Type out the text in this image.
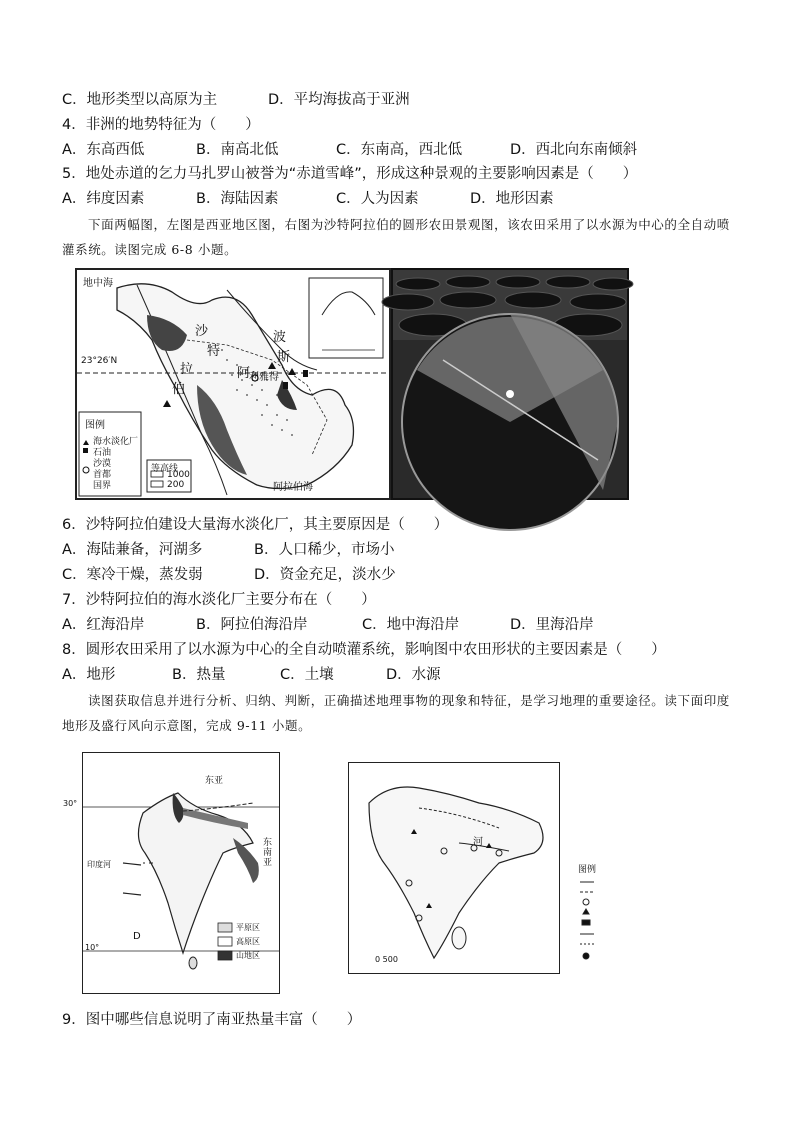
C．地形类型以高原为主	D．平均海拔高于亚洲
4．非洲的地势特征为（　　）
A．东高西低	B．南高北低	C．东南高，西北低	D．西北向东南倾斜
5．地处赤道的乞力马扎罗山被誉为“赤道雪峰”，形成这种景观的主要影响因素是（　　）
A．纬度因素	B．海陆因素	C．人为因素	D．地形因素
下面两幅图，左图是西亚地区图，右图为沙特阿拉伯的圆形农田景观图，该农田采用了以水源为中心的全自动喷灌系统。读图完成 6-8 小题。
地中海
23°26′N
沙
特
拉
伯
阿
波
斯
利雅得
阿拉伯海
图例
海水淡化厂
石油
沙漠
首都
国界
等高线
1000
200
6．沙特阿拉伯建设大量海水淡化厂，其主要原因是（　　）
A．海陆兼备，河湖多	B．人口稀少，市场小
C．寒冷干燥，蒸发弱	D．资金充足，淡水少
7．沙特阿拉伯的海水淡化厂主要分布在（　　）
A．红海沿岸	B．阿拉伯海沿岸	C．地中海沿岸	D．里海沿岸
8．圆形农田采用了以水源为中心的全自动喷灌系统，影响图中农田形状的主要因素是（　　）
A．地形	B．热量	C．土壤	D．水源
读图获取信息并进行分析、归纳、判断，正确描述地理事物的现象和特征，是学习地理的重要途径。读下面印度地形及盛行风向示意图，完成 9-11 小题。
30°
10°
东亚
东南亚
印度河
D
平原区
高原区
山地区
河
0 500
图例
9．图中哪些信息说明了南亚热量丰富（　　）
